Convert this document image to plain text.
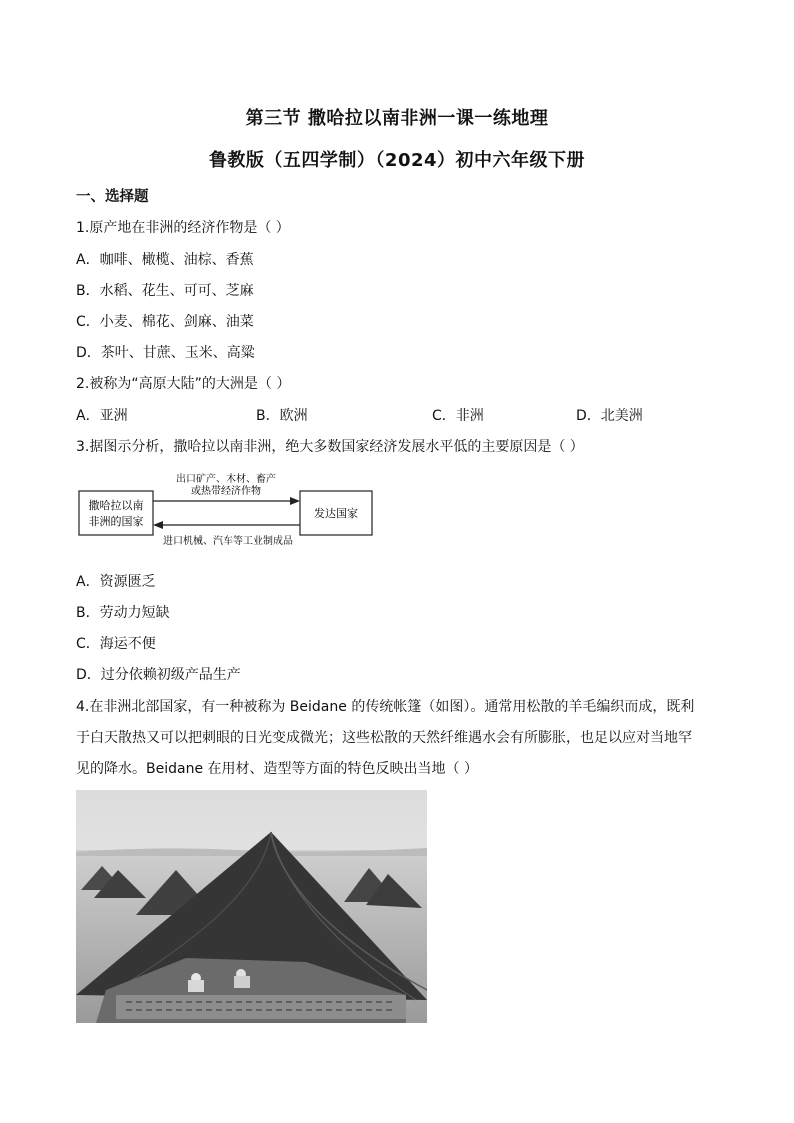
第三节 撒哈拉以南非洲一课一练地理
鲁教版（五四学制）（2024）初中六年级下册
一、选择题
1.原产地在非洲的经济作物是（ ）
A．咖啡、橄榄、油棕、香蕉
B．水稻、花生、可可、芝麻
C．小麦、棉花、剑麻、油菜
D．茶叶、甘蔗、玉米、高粱
2.被称为“高原大陆”的大洲是（ ）
A．亚洲	B．欧洲	C．非洲	D．北美洲
3.据图示分析，撒哈拉以南非洲，绝大多数国家经济发展水平低的主要原因是（ ）
撒哈拉以南
非洲的国家
发达国家
出口矿产、木材、畜产
或热带经济作物
进口机械、汽车等工业制成品
A．资源匮乏
B．劳动力短缺
C．海运不便
D．过分依赖初级产品生产
4.在非洲北部国家，有一种被称为 Beidane 的传统帐篷（如图）。通常用松散的羊毛编织而成，既利
于白天散热又可以把刺眼的日光变成微光；这些松散的天然纤维遇水会有所膨胀，也足以应对当地罕
见的降水。Beidane 在用材、造型等方面的特色反映出当地（ ）
